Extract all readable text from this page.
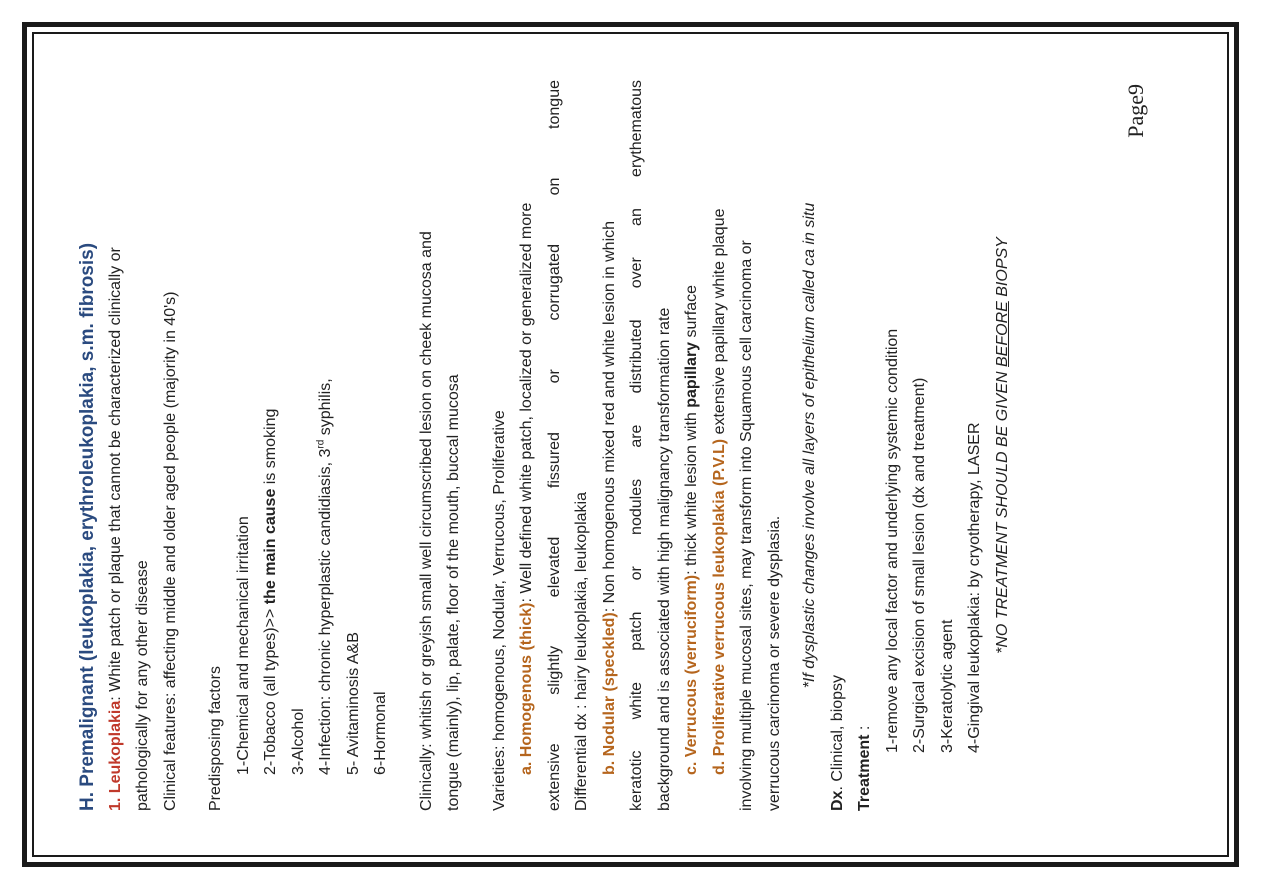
H. Premalignant (leukoplakia, erythroleukoplakia, s.m. fibrosis) 1. Leukoplakia: White patch or plaque that cannot be characterized clinically or pathologically for any other disease Clinical features: affecting middle and older aged people (majority in 40's)	Predisposing factors 1-Chemical and mechanical irritation 2-Tobacco (all types)>> the main cause is smoking
3-Alcohol 4-Infection: chronic hyperplastic candidiasis, 3rd syphilis,
5- Avitaminosis A&B 6-Hormonal	Clinically: whitish or greyish small well circumscribed lesion on cheek mucosa and tongue (mainly), lip, palate, floor of the mouth, buccal mucosa	Varieties: homogenous, Nodular, Verrucous, Proliferative a. Homogenous (thick): Well defined white patch, localized or generalized more extensive slightly elevated fissured or corrugated on tongue Differential dx : hairy leukoplakia, leukoplakia b. Nodular (speckled): Non homogenous mixed red and white lesion in which keratotic white patch or nodules are distributed over an erythematous background and is associated with high malignancy transformation rate c. Verrucous (verruciform): thick white lesion with papillary surface
d. Proliferative verrucous leukoplakia (P.V.L) extensive papillary white plaque involving multiple mucosal sites, may transform into Squamous cell carcinoma or verrucous carcinoma or severe dysplasia.	*If dysplastic changes involve all layers of epithelium called ca in situ
Dx. Clinical, biopsy Treatment : 1-remove any local factor and underlying systemic condition 2-Surgical excision of small lesion (dx and treatment) 3-Keratolytic agent 4-Gingival leukoplakia: by cryotherapy, LASER *NO TREATMENT SHOULD BE GIVEN BEFORE BIOPSY
Page9
